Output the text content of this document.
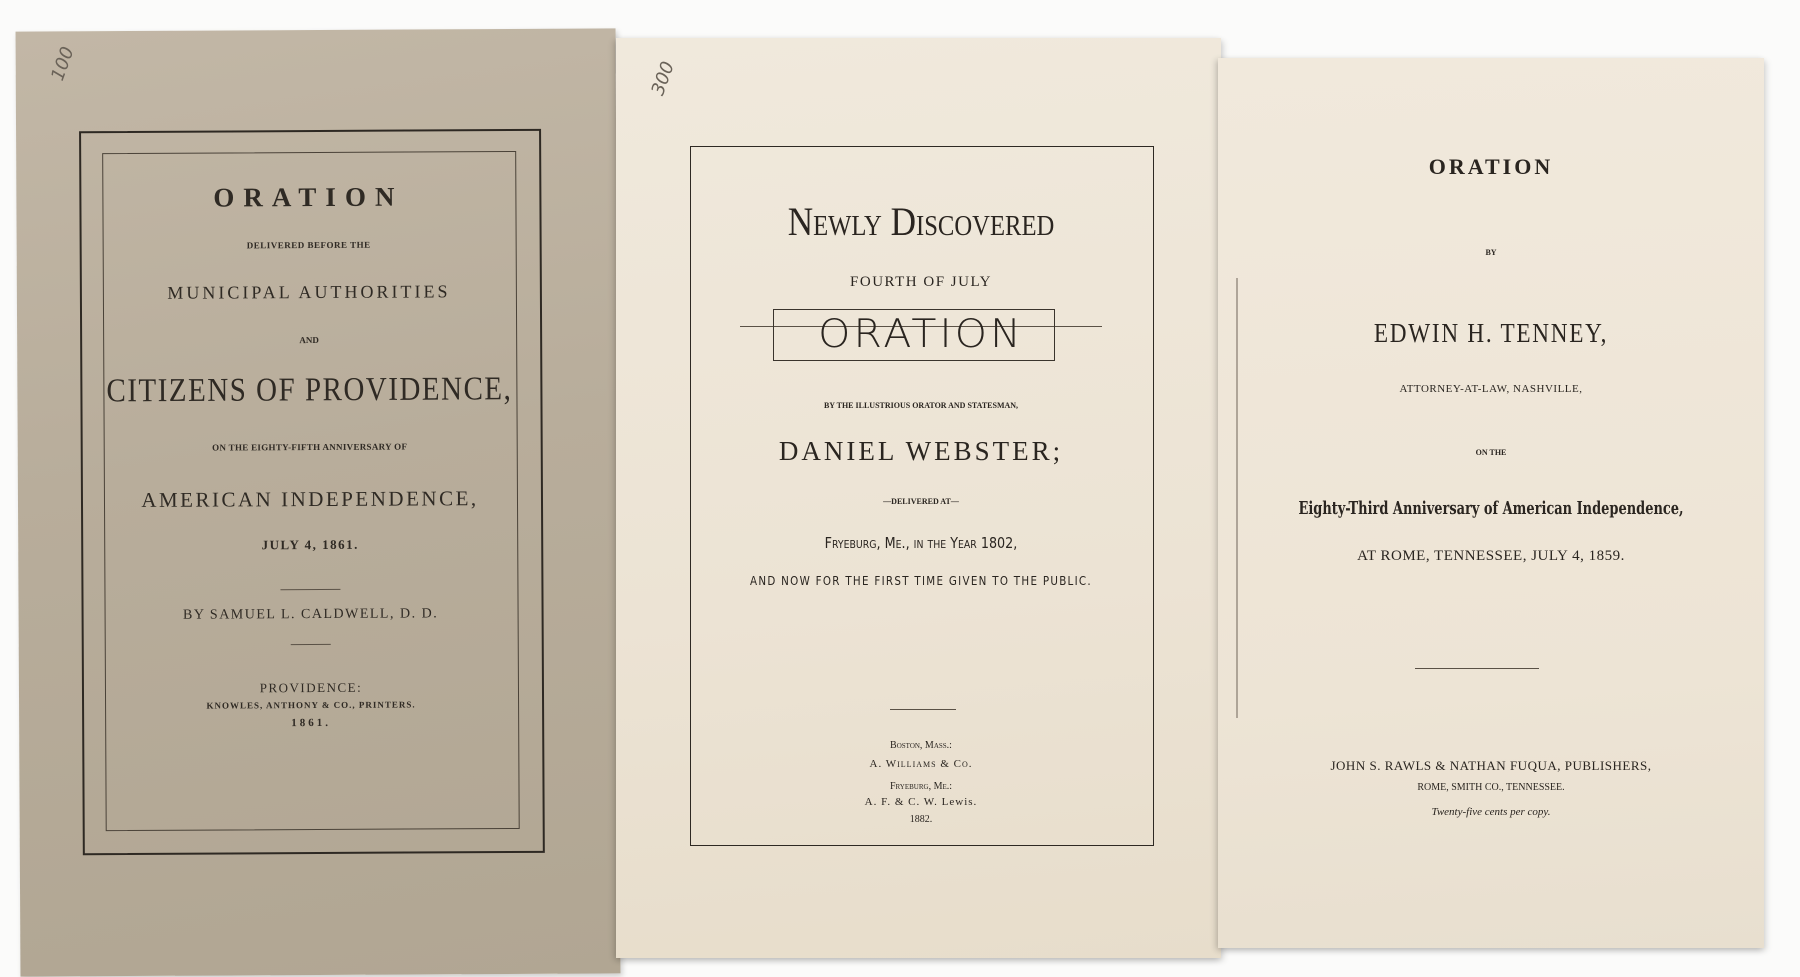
100
ORATION
DELIVERED BEFORE THE
MUNICIPAL AUTHORITIES
AND
CITIZENS OF PROVIDENCE,
ON THE EIGHTY-FIFTH ANNIVERSARY OF
AMERICAN INDEPENDENCE,
JULY 4, 1861.
BY SAMUEL L. CALDWELL, D. D.
PROVIDENCE:
KNOWLES, ANTHONY & CO., PRINTERS.
1861.
300
Newly Discovered
FOURTH OF JULY
ORATION
BY THE ILLUSTRIOUS ORATOR AND STATESMAN,
DANIEL WEBSTER;
—DELIVERED AT—
Fryeburg, Me., in the Year 1802,
AND NOW FOR THE FIRST TIME GIVEN TO THE PUBLIC.
Boston, Mass.:
A. Williams & Co.
Fryeburg, Me.:
A. F. & C. W. Lewis.
1882.
ORATION
BY
EDWIN H. TENNEY,
ATTORNEY-AT-LAW, NASHVILLE,
ON THE
Eighty-Third Anniversary of American Independence,
AT ROME, TENNESSEE, JULY 4, 1859.
JOHN S. RAWLS & NATHAN FUQUA, PUBLISHERS,
ROME, SMITH CO., TENNESSEE.
Twenty-five cents per copy.
